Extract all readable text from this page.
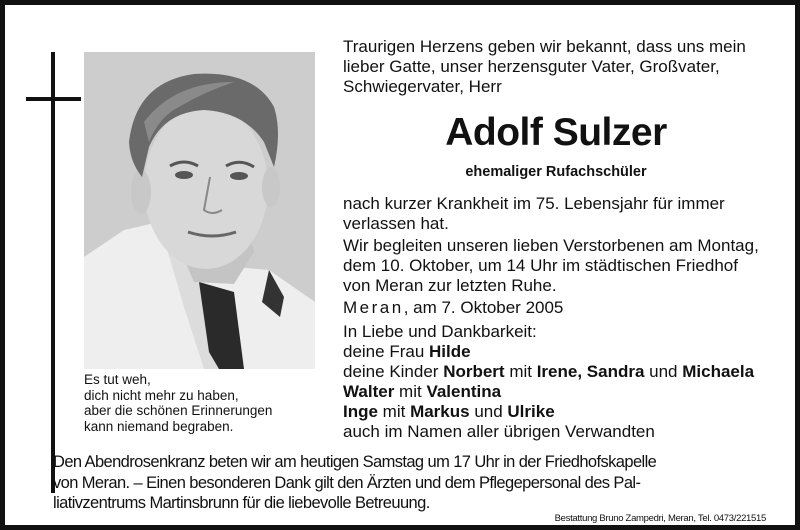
Es tut weh,
dich nicht mehr zu haben,
aber die schönen Erinnerungen
kann niemand begraben.
Traurigen Herzens geben wir bekannt, dass uns mein
lieber Gatte, unser herzensguter Vater, Großvater,
Schwiegervater, Herr
Adolf Sulzer
ehemaliger Rufachschüler
nach kurzer Krankheit im 75. Lebensjahr für immer
verlassen hat.
Wir begleiten unseren lieben Verstorbenen am Montag,
dem 10. Oktober, um 14 Uhr im städtischen Friedhof
von Meran zur letzten Ruhe.
Meran, am 7. Oktober 2005
In Liebe und Dankbarkeit:
deine Frau Hilde
deine Kinder Norbert mit Irene, Sandra und Michaela
Walter mit Valentina
Inge mit Markus und Ulrike
auch im Namen aller übrigen Verwandten
Den Abendrosenkranz beten wir am heutigen Samstag um 17 Uhr in der Friedhofskapelle
von Meran. – Einen besonderen Dank gilt den Ärzten und dem Pflegepersonal des Pal-
liativzentrums Martinsbrunn für die liebevolle Betreuung.
Bestattung Bruno Zampedri, Meran, Tel. 0473/221515
